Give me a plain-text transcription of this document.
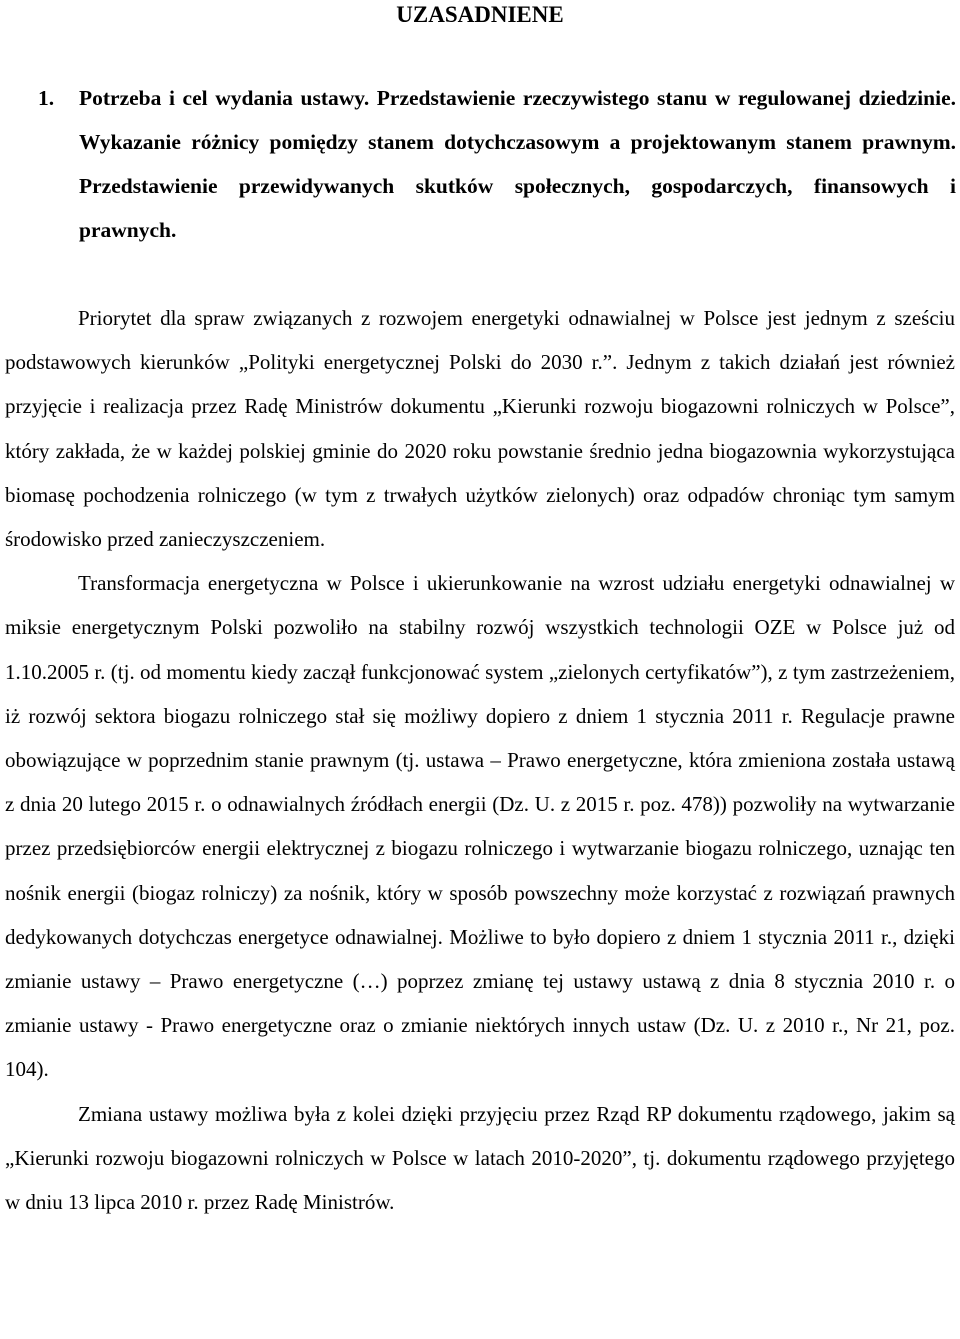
UZASADNIENE
1.	Potrzeba i cel wydania ustawy. Przedstawienie rzeczywistego stanu w regulowanej dziedzinie. Wykazanie różnicy pomiędzy stanem dotychczasowym a projektowanym stanem prawnym. Przedstawienie przewidywanych skutków społecznych, gospodarczych, finansowych i prawnych.

Priorytet dla spraw związanych z rozwojem energetyki odnawialnej w Polsce jest jednym z sześciu podstawowych kierunków „Polityki energetycznej Polski do 2030 r.”. Jednym z takich działań jest również przyjęcie i realizacja przez Radę Ministrów dokumentu „Kierunki rozwoju biogazowni rolniczych w Polsce”, który zakłada, że w każdej polskiej gminie do 2020 roku powstanie średnio jedna biogazownia wykorzystująca biomasę pochodzenia rolniczego (w tym z trwałych użytków zielonych) oraz odpadów chroniąc tym samym środowisko przed zanieczyszczeniem.

Transformacja energetyczna w Polsce i ukierunkowanie na wzrost udziału energetyki odnawialnej w miksie energetycznym Polski pozwoliło na stabilny rozwój wszystkich technologii OZE w Polsce już od 1.10.2005 r. (tj. od momentu kiedy zaczął funkcjonować system „zielonych certyfikatów”), z tym zastrzeżeniem, iż rozwój sektora biogazu rolniczego stał się możliwy dopiero z dniem 1 stycznia 2011 r. Regulacje prawne obowiązujące w poprzednim stanie prawnym (tj. ustawa – Prawo energetyczne, która zmieniona została ustawą z dnia 20 lutego 2015 r. o odnawialnych źródłach energii (Dz. U. z 2015 r. poz. 478)) pozwoliły na wytwarzanie przez przedsiębiorców energii elektrycznej z biogazu rolniczego i wytwarzanie biogazu rolniczego, uznając ten nośnik energii (biogaz rolniczy) za nośnik, który w sposób powszechny może korzystać z rozwiązań prawnych dedykowanych dotychczas energetyce odnawialnej. Możliwe to było dopiero z dniem 1 stycznia 2011 r., dzięki zmianie ustawy – Prawo energetyczne (…) poprzez zmianę tej ustawy ustawą z dnia 8 stycznia 2010 r. o zmianie ustawy - Prawo energetyczne oraz o zmianie niektórych innych ustaw (Dz. U. z 2010 r., Nr 21, poz. 104).

Zmiana ustawy możliwa była z kolei dzięki przyjęciu przez Rząd RP dokumentu rządowego, jakim są „Kierunki rozwoju biogazowni rolniczych w Polsce w latach 2010-2020”, tj. dokumentu rządowego przyjętego w dniu 13 lipca 2010 r. przez Radę Ministrów.
